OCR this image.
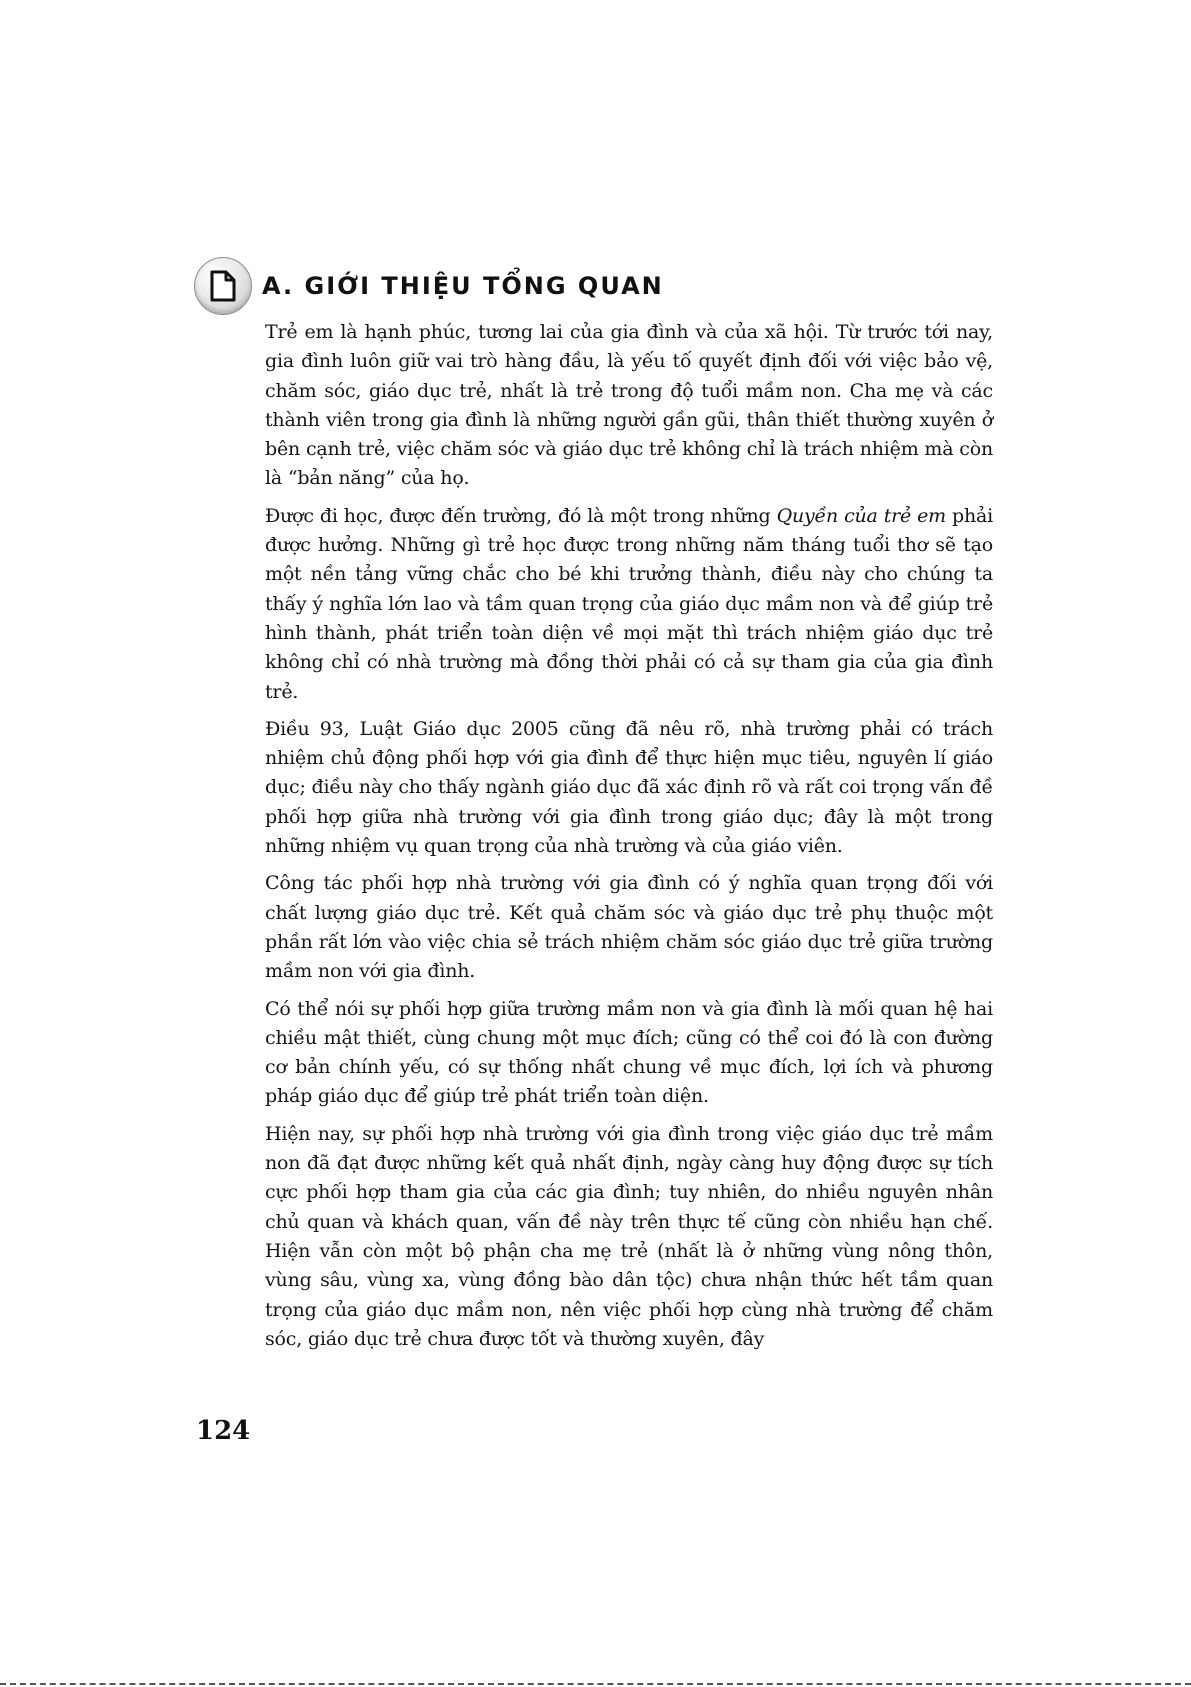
A. GIỚI THIỆU TỔNG QUAN

Trẻ em là hạnh phúc, tương lai của gia đình và của xã hội. Từ trước tới nay, gia đình luôn giữ vai trò hàng đầu, là yếu tố quyết định đối với việc bảo vệ, chăm sóc, giáo dục trẻ, nhất là trẻ trong độ tuổi mầm non. Cha mẹ và các thành viên trong gia đình là những người gần gũi, thân thiết thường xuyên ở bên cạnh trẻ, việc chăm sóc và giáo dục trẻ không chỉ là trách nhiệm mà còn là “bản năng” của họ.

Được đi học, được đến trường, đó là một trong những Quyền của trẻ em phải được hưởng. Những gì trẻ học được trong những năm tháng tuổi thơ sẽ tạo một nền tảng vững chắc cho bé khi trưởng thành, điều này cho chúng ta thấy ý nghĩa lớn lao và tầm quan trọng của giáo dục mầm non và để giúp trẻ hình thành, phát triển toàn diện về mọi mặt thì trách nhiệm giáo dục trẻ không chỉ có nhà trường mà đồng thời phải có cả sự tham gia của gia đình trẻ.

Điều 93, Luật Giáo dục 2005 cũng đã nêu rõ, nhà trường phải có trách nhiệm chủ động phối hợp với gia đình để thực hiện mục tiêu, nguyên lí giáo dục; điều này cho thấy ngành giáo dục đã xác định rõ và rất coi trọng vấn đề phối hợp giữa nhà trường với gia đình trong giáo dục; đây là một trong những nhiệm vụ quan trọng của nhà trường và của giáo viên.

Công tác phối hợp nhà trường với gia đình có ý nghĩa quan trọng đối với chất lượng giáo dục trẻ. Kết quả chăm sóc và giáo dục trẻ phụ thuộc một phần rất lớn vào việc chia sẻ trách nhiệm chăm sóc giáo dục trẻ giữa trường mầm non với gia đình.

Có thể nói sự phối hợp giữa trường mầm non và gia đình là mối quan hệ hai chiều mật thiết, cùng chung một mục đích; cũng có thể coi đó là con đường cơ bản chính yếu, có sự thống nhất chung về mục đích, lợi ích và phương pháp giáo dục để giúp trẻ phát triển toàn diện.

Hiện nay, sự phối hợp nhà trường với gia đình trong việc giáo dục trẻ mầm non đã đạt được những kết quả nhất định, ngày càng huy động được sự tích cực phối hợp tham gia của các gia đình; tuy nhiên, do nhiều nguyên nhân chủ quan và khách quan, vấn đề này trên thực tế cũng còn nhiều hạn chế. Hiện vẫn còn một bộ phận cha mẹ trẻ (nhất là ở những vùng nông thôn, vùng sâu, vùng xa, vùng đồng bào dân tộc) chưa nhận thức hết tầm quan trọng của giáo dục mầm non, nên việc phối hợp cùng nhà trường để chăm sóc, giáo dục trẻ chưa được tốt và thường xuyên, đây

124
